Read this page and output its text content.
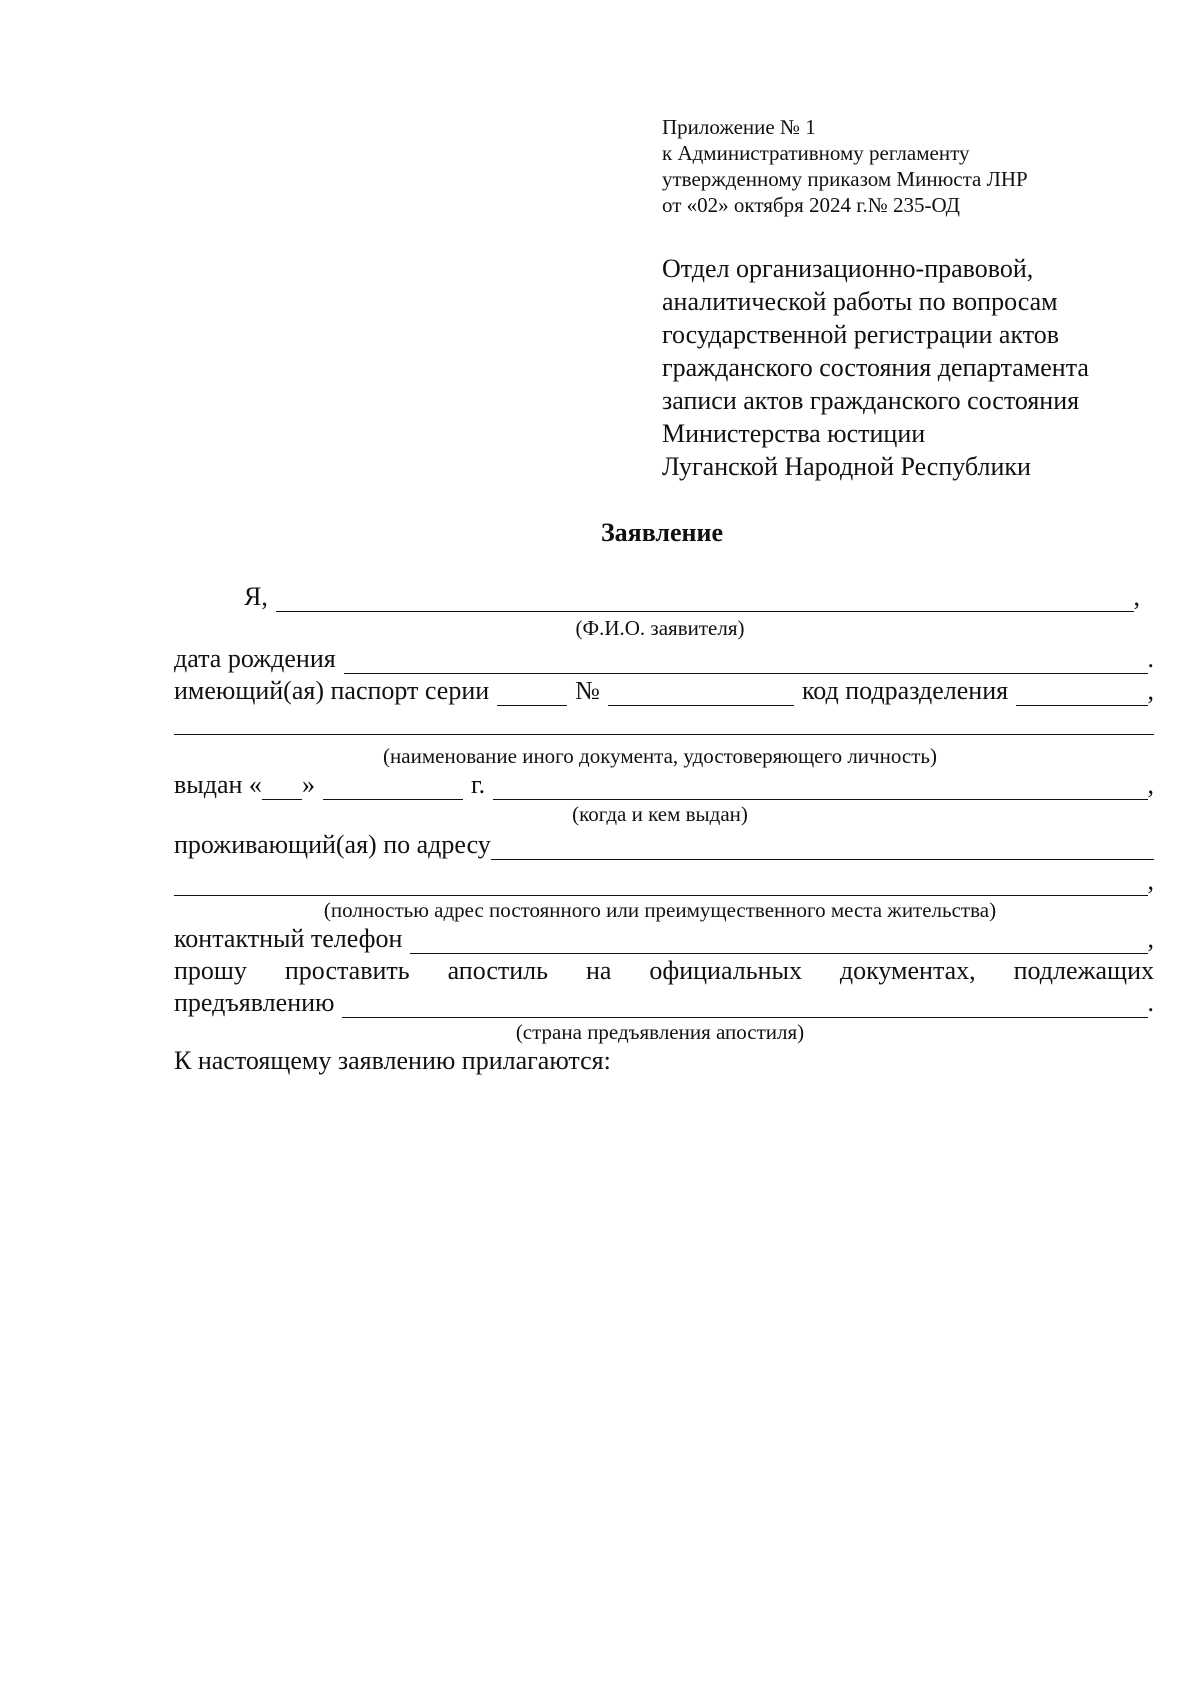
Приложение № 1
к Административному регламенту
утвержденному приказом Минюста ЛНР
от «02» октября 2024 г.№ 235-ОД
Отдел организационно-правовой,
аналитической работы по вопросам
государственной регистрации актов
гражданского состояния департамента
записи актов гражданского состояния
Министерства юстиции
Луганской Народной Республики
Заявление
Я,	,
(Ф.И.О. заявителя)
дата рождения	.
имеющий(ая) паспорт серии	№	код подразделения	,
(наименование иного документа, удостоверяющего личность)
выдан « »	г.	,
(когда и кем выдан)
проживающий(ая) по адресу
,
(полностью адрес постоянного или преимущественного места жительства)
контактный телефон	,
прошу проставить апостиль на официальных документах, подлежащих
предъявлению	.
(страна предъявления апостиля)
К настоящему заявлению прилагаются:
